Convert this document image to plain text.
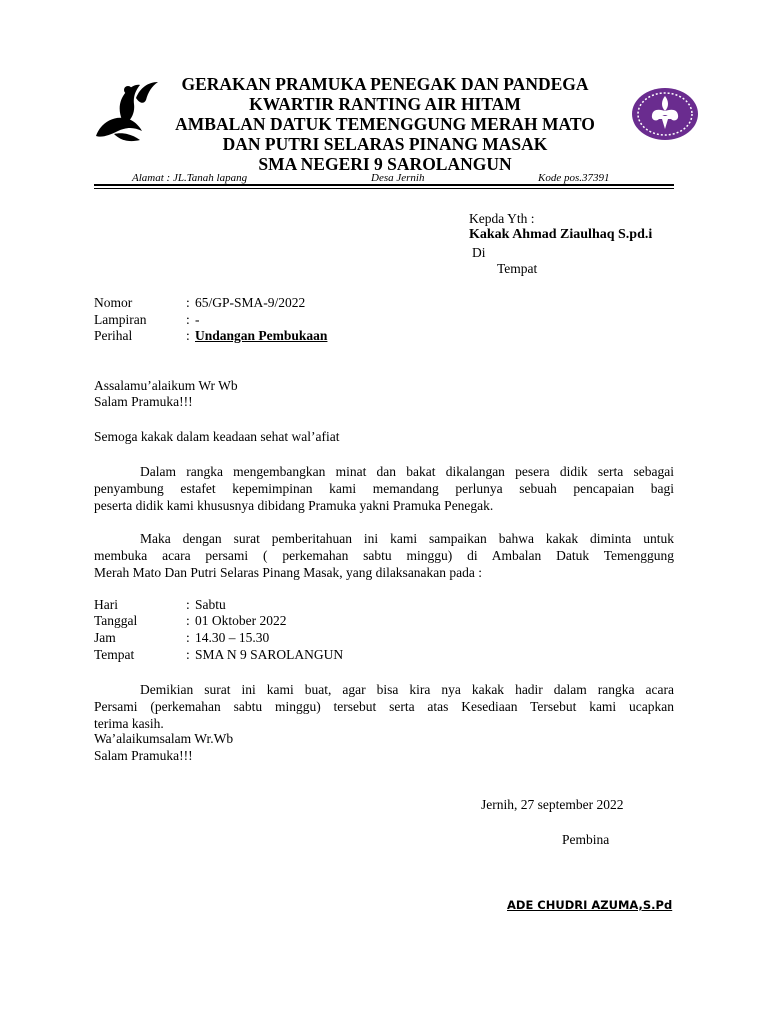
GERAKAN PRAMUKA PENEGAK DAN PANDEGA
KWARTIR RANTING AIR HITAM
AMBALAN DATUK TEMENGGUNG MERAH MATO
DAN PUTRI SELARAS PINANG MASAK
SMA NEGERI 9 SAROLANGUN
Alamat : JL.Tanah lapang	Desa Jernih	Kode pos.37391
Kepda Yth :
Kakak Ahmad Ziaulhaq S.pd.i
Di
Tempat
Nomor	: 65/GP-SMA-9/2022
Lampiran	: -
Perihal	: Undangan Pembukaan
Assalamu’alaikum Wr Wb
Salam Pramuka!!!
Semoga kakak dalam keadaan sehat wal’afiat
Dalam rangka mengembangkan minat dan bakat dikalangan pesera didik serta sebagai
penyambung estafet kepemimpinan kami memandang perlunya sebuah pencapaian bagi
peserta didik kami khususnya dibidang Pramuka yakni Pramuka Penegak.
Maka dengan surat pemberitahuan ini kami sampaikan bahwa kakak diminta untuk
membuka acara persami ( perkemahan sabtu minggu) di Ambalan Datuk Temenggung
Merah Mato Dan Putri Selaras Pinang Masak, yang dilaksanakan pada :
Hari	: Sabtu
Tanggal	: 01 Oktober 2022
Jam	: 14.30 – 15.30
Tempat	: SMA N 9 SAROLANGUN
Demikian surat ini kami buat, agar bisa kira nya kakak hadir dalam rangka acara
Persami (perkemahan sabtu minggu) tersebut serta atas Kesediaan Tersebut kami ucapkan
terima kasih.
Wa’alaikumsalam Wr.Wb
Salam Pramuka!!!
Jernih, 27 september 2022
Pembina
ADE CHUDRI AZUMA,S.Pd
